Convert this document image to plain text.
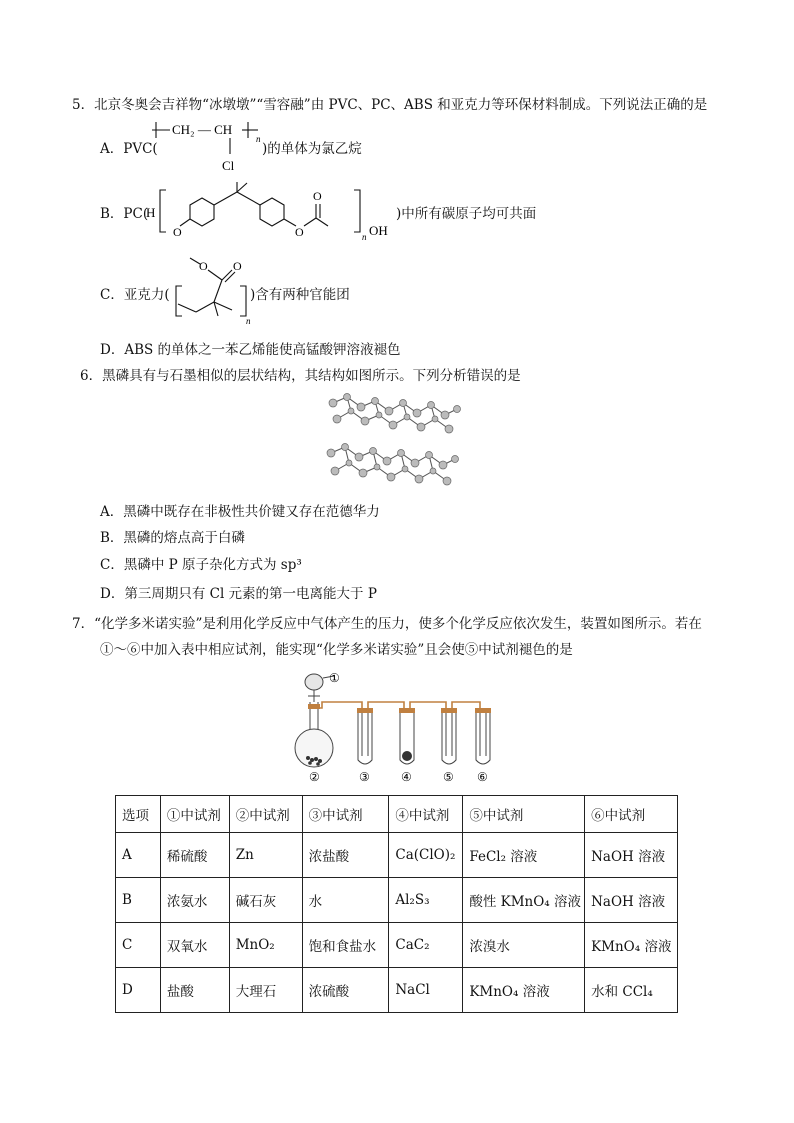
5．北京冬奥会吉祥物“冰墩墩”“雪容融”由 PVC、PC、ABS 和亚克力等环保材料制成。下列说法正确的是
A．PVC(
CH₂ — CH
Cl
n
)的单体为氯乙烷
B．PC(
H
O	O
O
n OH
)中所有碳原子均可共面
C．亚克力(
O O
n
)含有两种官能团
D．ABS 的单体之一苯乙烯能使高锰酸钾溶液褪色
6．黑磷具有与石墨相似的层状结构，其结构如图所示。下列分析错误的是
A．黑磷中既存在非极性共价键又存在范德华力
B．黑磷的熔点高于白磷
C．黑磷中 P 原子杂化方式为 sp³
D．第三周期只有 Cl 元素的第一电离能大于 P
7．“化学多米诺实验”是利用化学反应中气体产生的压力，使多个化学反应依次发生，装置如图所示。若在
①～⑥中加入表中相应试剂，能实现“化学多米诺实验”且会使⑤中试剂褪色的是
①
②	③	④	⑤ ⑥
选项	①中试剂	②中试剂	③中试剂	④中试剂	⑤中试剂	⑥中试剂
A	稀硫酸	Zn	浓盐酸	Ca(ClO)₂	FeCl₂ 溶液	NaOH 溶液
B	浓氨水	碱石灰	水	Al₂S₃	酸性 KMnO₄ 溶液	NaOH 溶液
C	双氧水	MnO₂	饱和食盐水	CaC₂	浓溴水	KMnO₄ 溶液
D	盐酸	大理石	浓硫酸	NaCl	KMnO₄ 溶液	水和 CCl₄
